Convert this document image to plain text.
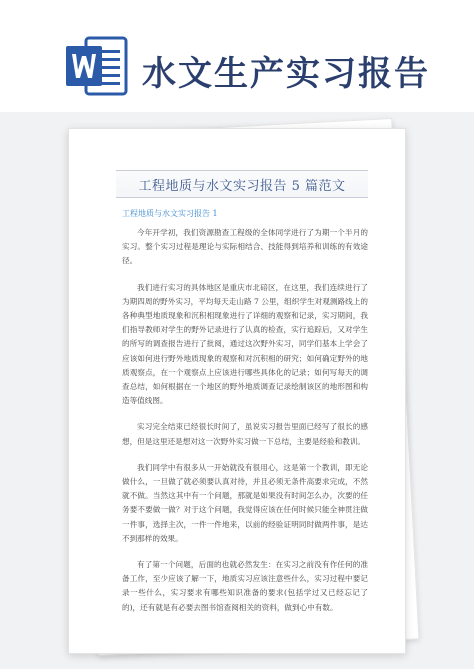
水文生产实习报告
工程地质与水文实习报告 5 篇范文
工程地质与水文实习报告 1

今年开学初，我们资源勘查工程级的全体同学进行了为期一个半月的实习。整个实习过程是理论与实际相结合、技能得到培养和训练的有效途径。

我们进行实习的具体地区是重庆市北碚区，在这里，我们连续进行了为期四周的野外实习，平均每天走山路 7 公里，组织学生对观测路线上的各种典型地质现象和沉积相现象进行了详细的观察和记录，实习期间，我们指导教师对学生的野外记录进行了认真的检查，实行追踪后，又对学生的所写的调查报告进行了批阅，通过这次野外实习，同学们基本上学会了应该如何进行野外地质现象的观察和对沉积相的研究；如何确定野外的地质观察点，在一个观察点上应该进行哪些具体化的记录；如何写每天的调查总结，如何根据在一个地区的野外地质调查记录绘制该区的地形图和构造等值线图。

实习完全结束已经很长时间了，虽说实习报告里面已经写了很长的感想，但是这里还是想对这一次野外实习做一下总结，主要是经验和教训。

我们同学中有很多从一开始就没有很用心，这是第一个教训，即无论做什么，一旦做了就必须要认真对待，并且必须无条件高要求完成，不然就不做。当然这其中有一个问题，那就是如果没有时间怎么办，次要的任务要不要做一做？对于这个问题，我觉得应该在任何时候只能全神贯注做一件事，选择主次，一件一件地来，以前的经验证明同时做两件事，是达不到那样的效果。

有了第一个问题，后面的也就必然发生：在实习之前没有作任何的准备工作，至少应该了解一下，地质实习应该注意些什么，实习过程中要记录一些什么，实习要求有哪些知识准备的要求(包括学过又已经忘记了的)，还有就是有必要去图书馆查阅相关的资料，做到心中有数。
